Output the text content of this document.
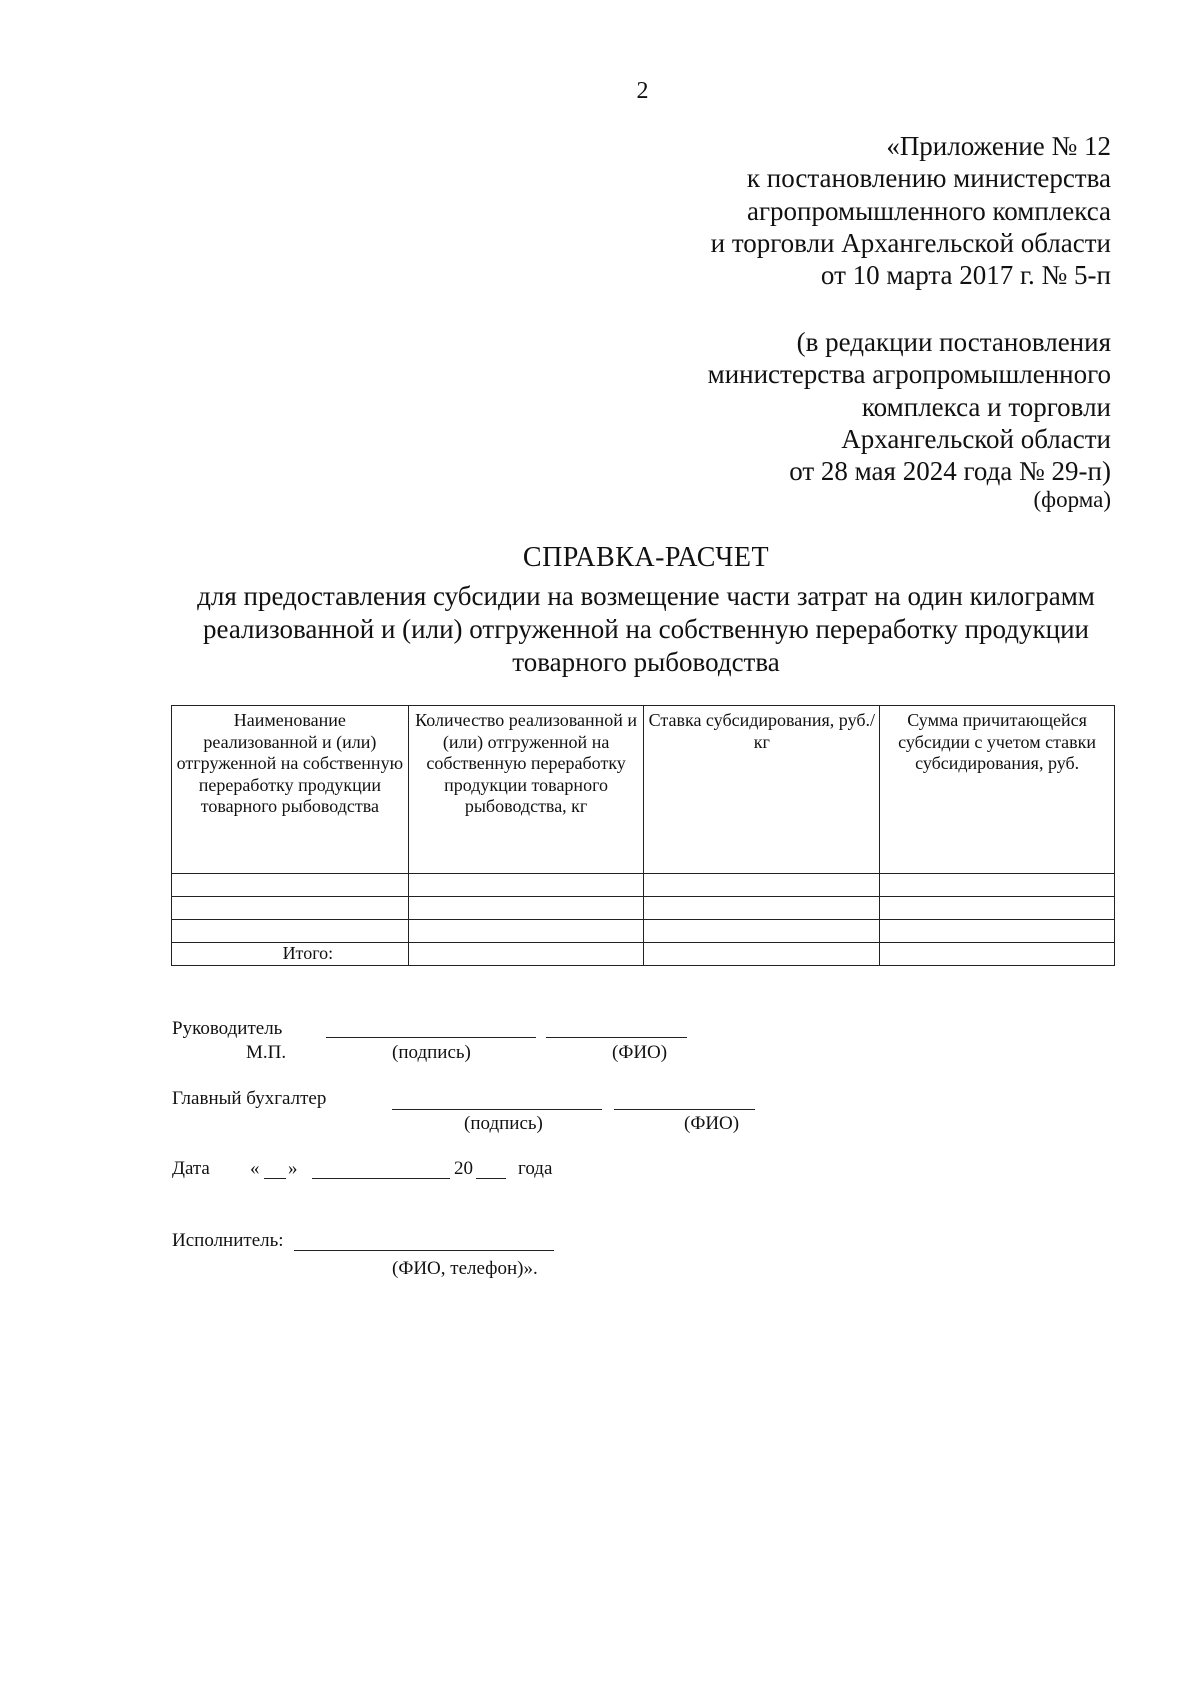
2
«Приложение № 12
к постановлению министерства
агропромышленного комплекса
и торговли Архангельской области
от 10 марта 2017 г. № 5-п
(в редакции постановления
министерства агропромышленного
комплекса и торговли
Архангельской области
от 28 мая 2024 года № 29-п)
(форма)
СПРАВКА-РАСЧЕТ
для предоставления субсидии на возмещение части затрат на один килограмм
реализованной и (или) отгруженной на собственную переработку продукции
товарного рыбоводства
Наименование реализованной и (или) отгруженной на собственную переработку продукции товарного рыбоводства	Количество реализованной и (или) отгруженной на собственную переработку продукции товарного рыбоводства, кг	Ставка субсидирования, руб./кг	Сумма причитающейся субсидии с учетом ставки субсидирования, руб.

Итого:			
Руководитель
М.П.	(подпись)	(ФИО)
Главный бухгалтер
(подпись)	(ФИО)
Дата « »	20 года
Исполнитель:
(ФИО, телефон)».
